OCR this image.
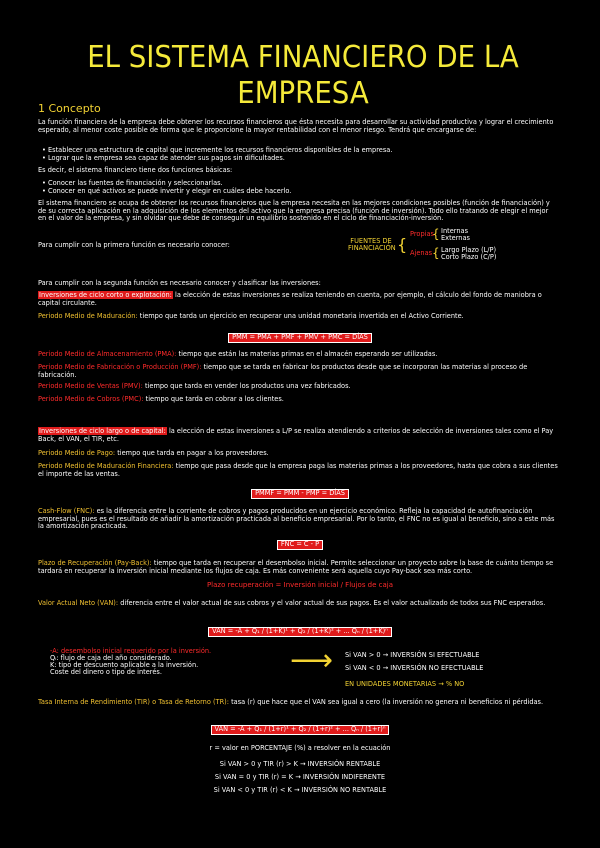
EL SISTEMA FINANCIERO DE LA EMPRESA
1 Concepto
La función financiera de la empresa debe obtener los recursos financieros que ésta necesita para desarrollar su actividad productiva y lograr el crecimiento esperado, al menor coste posible de forma que le proporcione la mayor rentabilidad con el menor riesgo. Tendrá que encargarse de:
• Establecer una estructura de capital que incremente los recursos financieros disponibles de la empresa.
• Lograr que la empresa sea capaz de atender sus pagos sin dificultades.
Es decir, el sistema financiero tiene dos funciones básicas:
• Conocer las fuentes de financiación y seleccionarlas.
• Conocer en qué activos se puede invertir y elegir en cuáles debe hacerlo.
El sistema financiero se ocupa de obtener los recursos financieros que la empresa necesita en las mejores condiciones posibles (función de financiación) y de su correcta aplicación en la adquisición de los elementos del activo que la empresa precisa (función de inversión). Todo ello tratando de elegir el mejor en el valor de la empresa, y sin olvidar que debe de conseguir un equilibrio sostenido en el ciclo de financiación-inversión.
Para cumplir con la primera función es necesario conocer:	FUENTES DE FINANCIACIÓN {
Propias
Ajenas
{
{
Internas
Externas
Largo Plazo (L/P)
Corto Plazo (C/P)
Para cumplir con la segunda función es necesario conocer y clasificar las inversiones:
Inversiones de ciclo corto o explotación: la elección de estas inversiones se realiza teniendo en cuenta, por ejemplo, el cálculo del fondo de maniobra o capital circulante.
Periodo Medio de Maduración: tiempo que tarda un ejercicio en recuperar una unidad monetaria invertida en el Activo Corriente.
PMM = PMA + PMF + PMV + PMC = DÍAS
Periodo Medio de Almacenamiento (PMA): tiempo que están las materias primas en el almacén esperando ser utilizadas.
Periodo Medio de Fabricación o Producción (PMF): tiempo que se tarda en fabricar los productos desde que se incorporan las materias al proceso de fabricación.
Periodo Medio de Ventas (PMV): tiempo que tarda en vender los productos una vez fabricados.
Periodo Medio de Cobros (PMC): tiempo que tarda en cobrar a los clientes.
Inversiones de ciclo largo o de capital: la elección de estas inversiones a L/P se realiza atendiendo a criterios de selección de inversiones tales como el Pay Back, el VAN, el TIR, etc.
Periodo Medio de Pago: tiempo que tarda en pagar a los proveedores.
Periodo Medio de Maduración Financiera: tiempo que pasa desde que la empresa paga las materias primas a los proveedores, hasta que cobra a sus clientes el importe de las ventas.
PMMF = PMM - PMP = DÍAS
Cash-Flow (FNC): es la diferencia entre la corriente de cobros y pagos producidos en un ejercicio económico. Refleja la capacidad de autofinanciación empresarial, pues es el resultado de añadir la amortización practicada al beneficio empresarial. Por lo tanto, el FNC no es igual al beneficio, sino a este más la amortización practicada.
FNC = C - P
Plazo de Recuperación (Pay-Back): tiempo que tarda en recuperar el desembolso inicial. Permite seleccionar un proyecto sobre la base de cuánto tiempo se tardará en recuperar la inversión inicial mediante los flujos de caja. Es más conveniente será aquella cuyo Pay-back sea más corto.
Plazo recuperación = Inversión inicial / Flujos de caja
Valor Actual Neto (VAN): diferencia entre el valor actual de sus cobros y el valor actual de sus pagos. Es el valor actualizado de todos sus FNC esperados.
VAN = -A + Q₁ / (1+K)¹ + Q₂ / (1+K)² + ... Qₙ / (1+K)ⁿ
-A: desembolso inicial requerido por la inversión.
Qᵢ: flujo de caja del año considerado.
K: tipo de descuento aplicable a la inversión.
Coste del dinero o tipo de interés.	⟶ Si VAN > 0 → INVERSIÓN SI EFECTUABLE
Si VAN < 0 → INVERSIÓN NO EFECTUABLE
EN UNIDADES MONETARIAS → % NO
Tasa Interna de Rendimiento (TIR) o Tasa de Retorno (TR): tasa (r) que hace que el VAN sea igual a cero (la inversión no genera ni beneficios ni pérdidas.
VAN = -A + Q₁ / (1+r)¹ + Q₂ / (1+r)² + ... Qₙ / (1+r)ⁿ
r = valor en PORCENTAJE (%) a resolver en la ecuación
Si VAN > 0 y TIR (r) > K → INVERSIÓN RENTABLE
Si VAN = 0 y TIR (r) = K → INVERSIÓN INDIFERENTE
Si VAN < 0 y TIR (r) < K → INVERSIÓN NO RENTABLE
